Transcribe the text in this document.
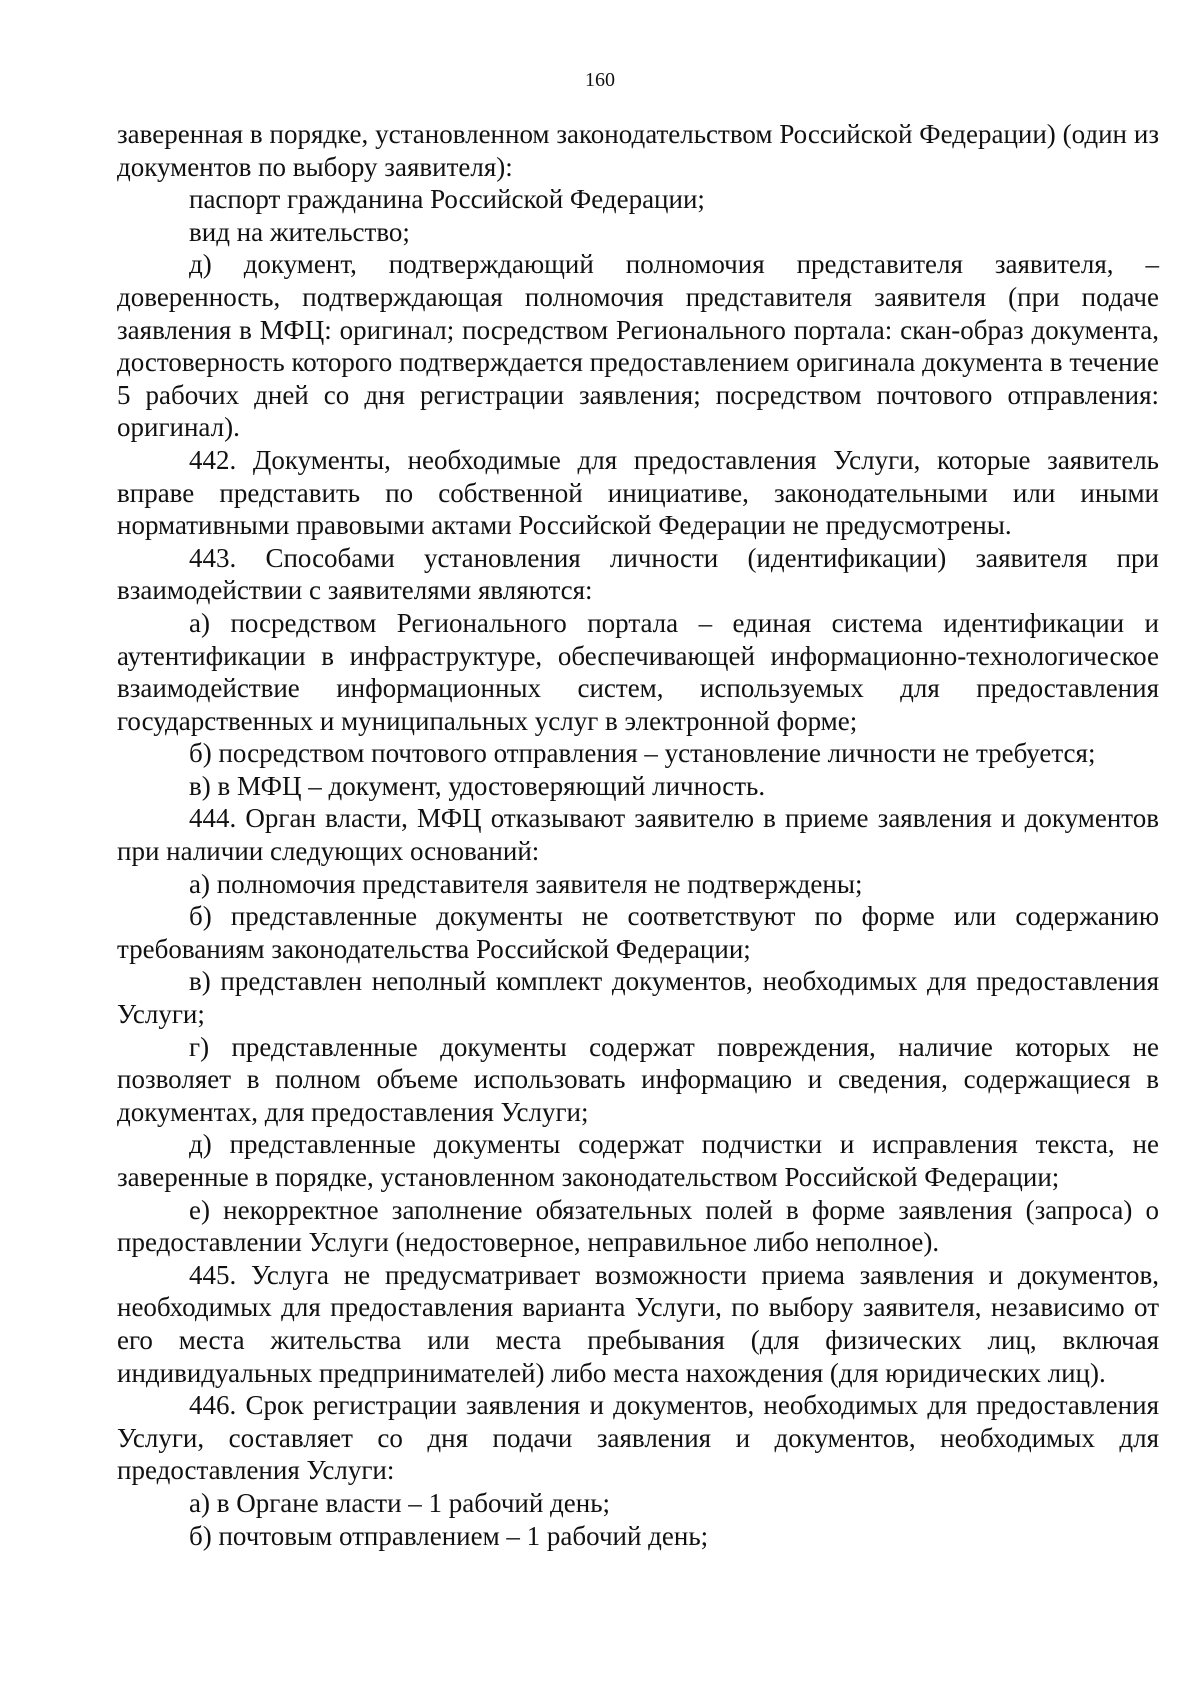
160

заверенная в порядке, установленном законодательством Российской Федерации) (один из документов по выбору заявителя):

паспорт гражданина Российской Федерации;

вид на жительство;

д) документ, подтверждающий полномочия представителя заявителя, – доверенность, подтверждающая полномочия представителя заявителя (при подаче заявления в МФЦ: оригинал; посредством Регионального портала: скан-образ документа, достоверность которого подтверждается предоставлением оригинала документа в течение 5 рабочих дней со дня регистрации заявления; посредством почтового отправления: оригинал).

442. Документы, необходимые для предоставления Услуги, которые заявитель вправе представить по собственной инициативе, законодательными или иными нормативными правовыми актами Российской Федерации не предусмотрены.

443. Способами установления личности (идентификации) заявителя при взаимодействии с заявителями являются:

а) посредством Регионального портала – единая система идентификации и аутентификации в инфраструктуре, обеспечивающей информационно-технологическое взаимодействие информационных систем, используемых для предоставления государственных и муниципальных услуг в электронной форме;

б) посредством почтового отправления – установление личности не требуется;

в) в МФЦ – документ, удостоверяющий личность.

444. Орган власти, МФЦ отказывают заявителю в приеме заявления и документов при наличии следующих оснований:

а) полномочия представителя заявителя не подтверждены;

б) представленные документы не соответствуют по форме или содержанию требованиям законодательства Российской Федерации;

в) представлен неполный комплект документов, необходимых для предоставления Услуги;

г) представленные документы содержат повреждения, наличие которых не позволяет в полном объеме использовать информацию и сведения, содержащиеся в документах, для предоставления Услуги;

д) представленные документы содержат подчистки и исправления текста, не заверенные в порядке, установленном законодательством Российской Федерации;

е) некорректное заполнение обязательных полей в форме заявления (запроса) о предоставлении Услуги (недостоверное, неправильное либо неполное).

445. Услуга не предусматривает возможности приема заявления и документов, необходимых для предоставления варианта Услуги, по выбору заявителя, независимо от его места жительства или места пребывания (для физических лиц, включая индивидуальных предпринимателей) либо места нахождения (для юридических лиц).

446. Срок регистрации заявления и документов, необходимых для предоставления Услуги, составляет со дня подачи заявления и документов, необходимых для предоставления Услуги:

а) в Органе власти – 1 рабочий день;

б) почтовым отправлением – 1 рабочий день;
